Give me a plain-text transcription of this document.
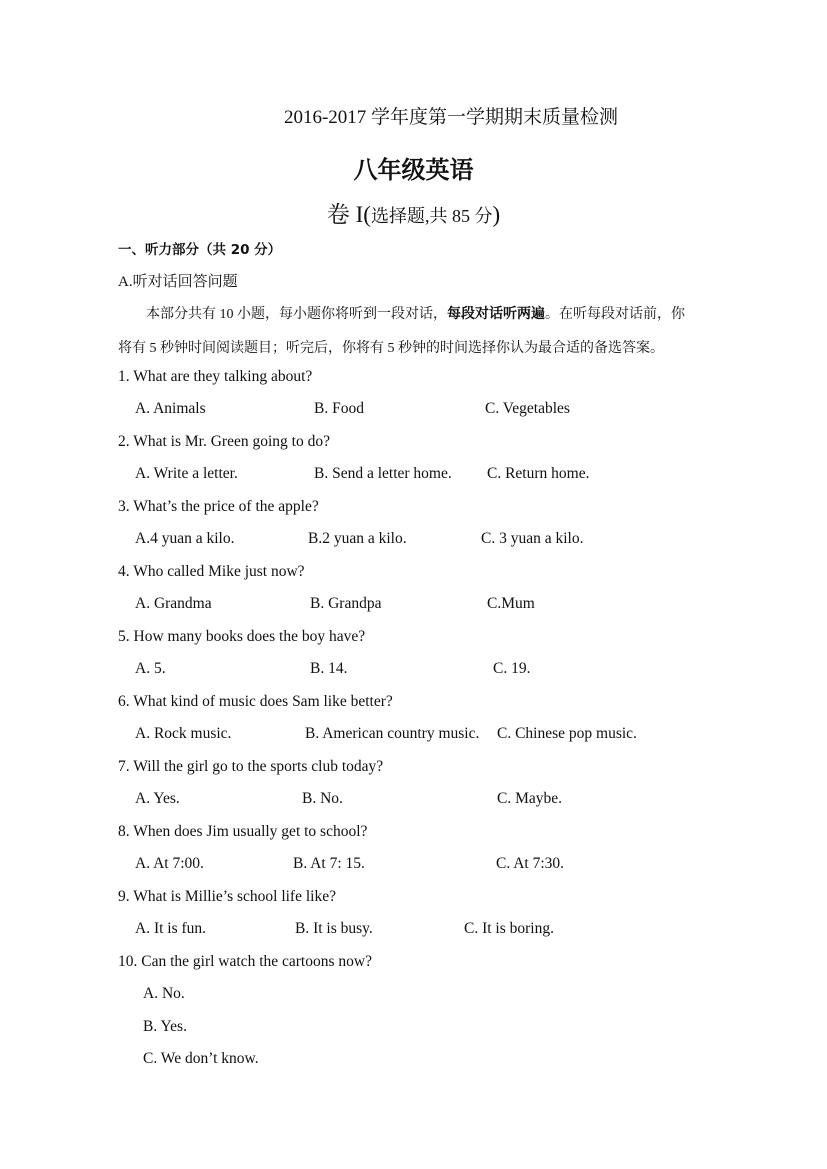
2016-2017 学年度第一学期期末质量检测
八年级英语
卷 I(选择题,共 85 分)
一、听力部分（共 20 分）
A.听对话回答问题
本部分共有 10 小题，每小题你将听到一段对话，每段对话听两遍。在听每段对话前，你
将有 5 秒钟时间阅读题目；听完后，你将有 5 秒钟的时间选择你认为最合适的备选答案。
1. What are they talking about?
A. Animals	B. Food	C. Vegetables
2. What is Mr. Green going to do?
A. Write a letter.	B. Send a letter home. C. Return home.
3. What’s the price of the apple?
A.4 yuan a kilo.	B.2 yuan a kilo.	C. 3 yuan a kilo.
4. Who called Mike just now?
A. Grandma	B. Grandpa	C.Mum
5. How many books does the boy have?
A. 5.	B. 14.	C. 19.
6. What kind of music does Sam like better?
A. Rock music.	B. American country music. C. Chinese pop music.
7. Will the girl go to the sports club today?
A. Yes.	B. No.	C. Maybe.
8. When does Jim usually get to school?
A. At 7:00.	B. At 7: 15.	C. At 7:30.
9. What is Millie’s school life like?
A. It is fun.	B. It is busy.	C. It is boring.
10. Can the girl watch the cartoons now?
A. No.
B. Yes.
C. We don’t know.
